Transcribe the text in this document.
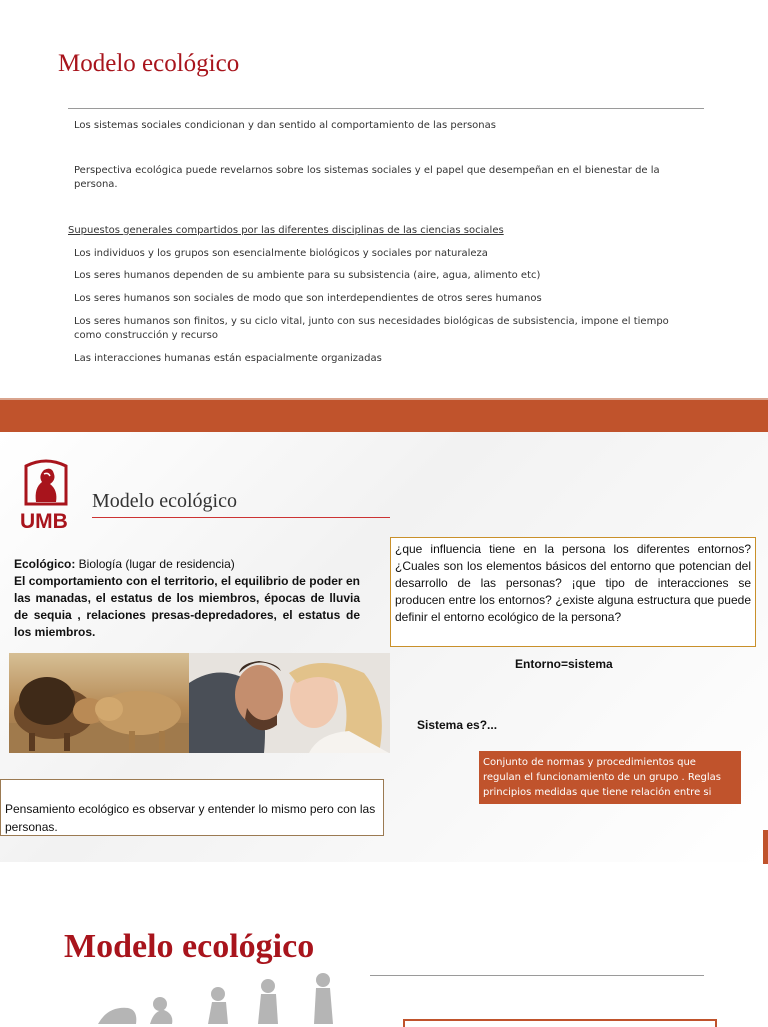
Modelo ecológico
Los sistemas sociales condicionan y dan sentido al comportamiento de las personas
Perspectiva ecológica puede revelarnos sobre los sistemas sociales y el papel que desempeñan en el bienestar de la
persona.
Supuestos generales compartidos por las diferentes disciplinas de las ciencias sociales
Los individuos y los grupos son esencialmente biológicos y sociales por naturaleza
Los seres humanos dependen de su ambiente para su subsistencia (aire, agua, alimento etc)
Los seres humanos son sociales de modo que son interdependientes de otros seres humanos
Los seres humanos son finitos, y su ciclo vital, junto con sus necesidades biológicas de subsistencia, impone el tiempo
como construcción y recurso
Las interacciones humanas están espacialmente organizadas
UMB
Modelo ecológico
Ecológico: Biología (lugar de residencia)
El comportamiento con el territorio, el equilibrio de poder en las manadas, el estatus de los miembros, épocas de lluvia de sequia , relaciones presas-depredadores, el estatus de los miembros.
Pensamiento ecológico es observar y entender lo mismo pero con las personas.
¿que influencia tiene en la persona los diferentes entornos? ¿Cuales son los elementos básicos del entorno que potencian del desarrollo de las personas? ¡que tipo de interacciones se producen entre los entornos? ¿existe alguna estructura que puede definir el entorno ecológico de la persona?
Entorno=sistema
Sistema es?...
Conjunto de normas y procedimientos que regulan el funcionamiento de un grupo . Reglas principios medidas que tiene relación entre si
Modelo ecológico
